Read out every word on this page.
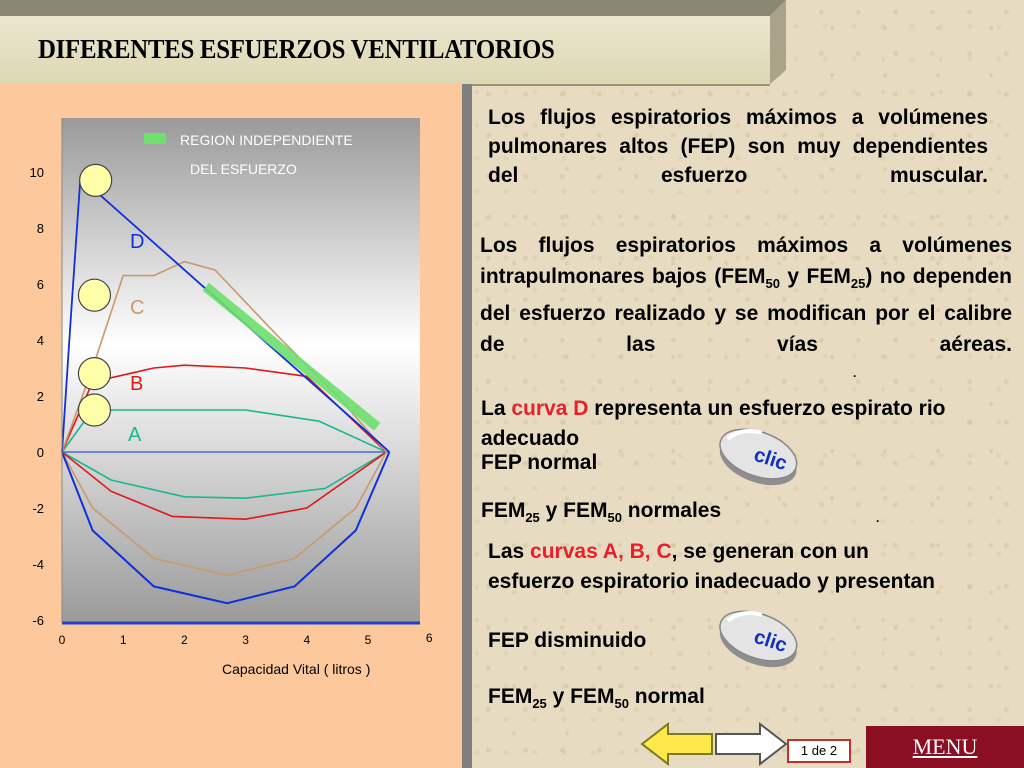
DIFERENTES ESFUERZOS VENTILATORIOS
REGION INDEPENDIENTE
DEL ESFUERZO
D
C
B
A
Capacidad Vital ( litros )
10
8
6
4
2
0
-2
-4
-6
0	1	2	3	4	5	6
Los flujos espiratorios máximos a volúmenes pulmonares altos (FEP) son muy dependientes del esfuerzo muscular.
Los flujos espiratorios máximos a volúmenes intrapulmonares bajos ($FEM_{50}$ y $FEM_{25}$) no dependen del esfuerzo realizado y se modifican por el calibre de las vías aéreas.
.
La curva D representa un esfuerzo espirato rio adecuado
FEP normal
$FEM_{25}$ y $FEM_{50}$ normales	.
Las curvas A, B, C, se generan con un esfuerzo espiratorio inadecuado y presentan
FEP disminuido
$FEM_{25}$ y $FEM_{50}$ normal
clic
clic
1 de 2	MENU
